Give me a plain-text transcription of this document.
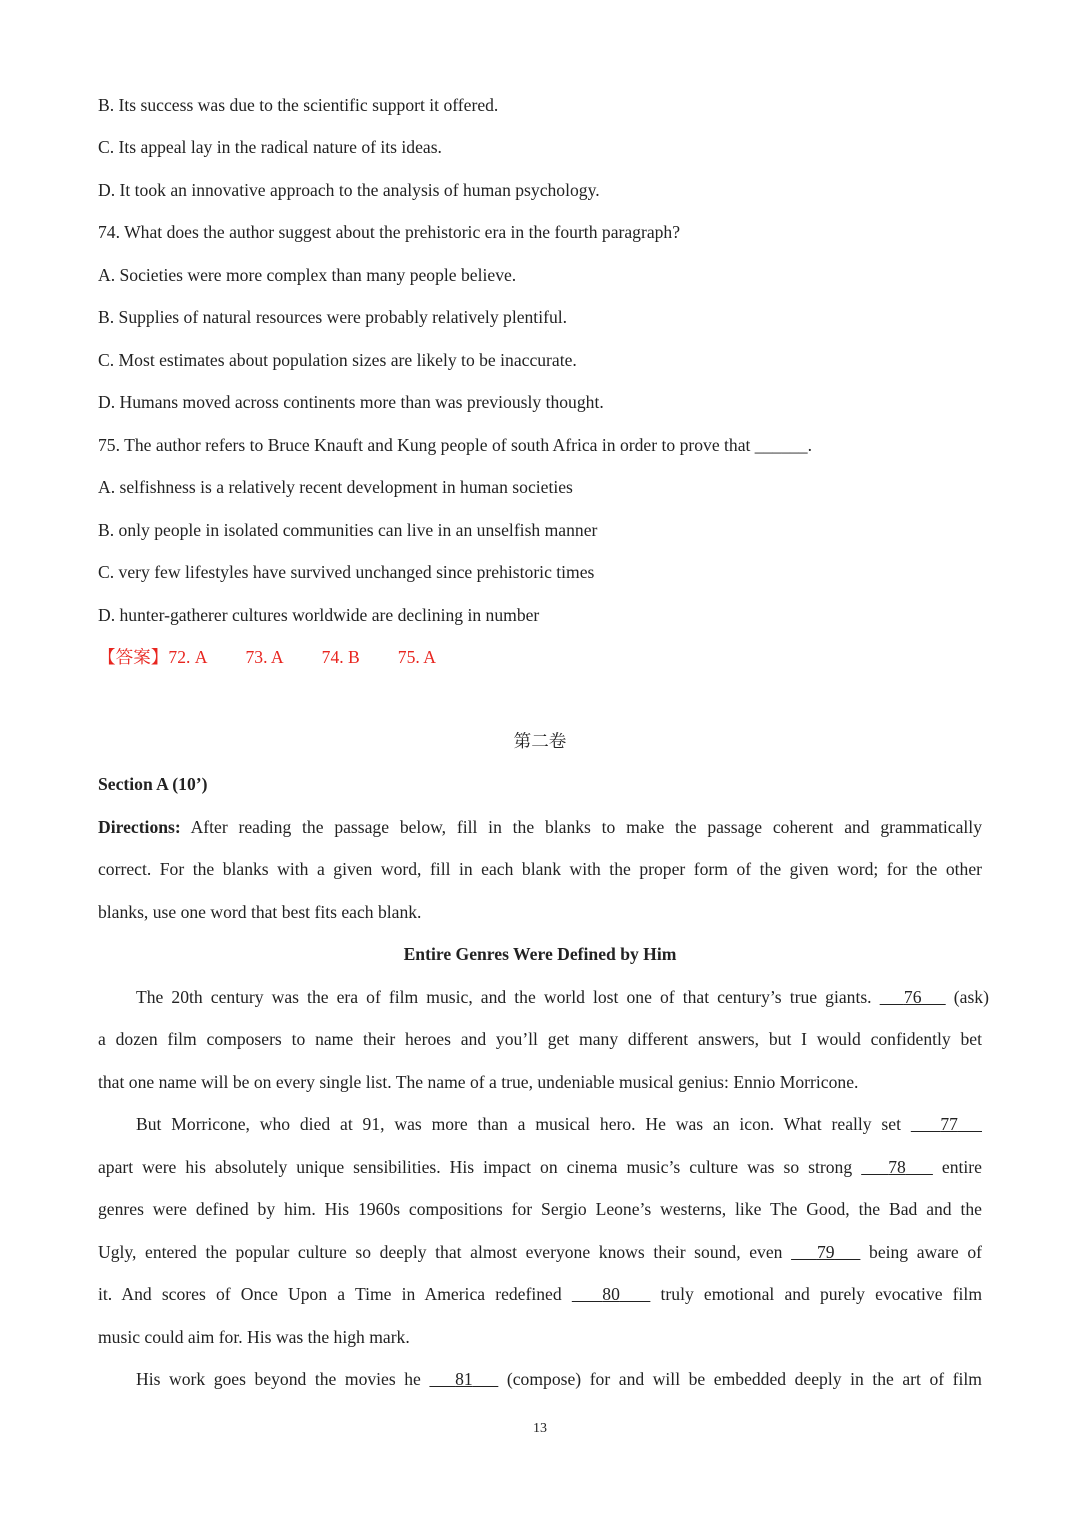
B. Its success was due to the scientific support it offered.
C. Its appeal lay in the radical nature of its ideas.
D. It took an innovative approach to the analysis of human psychology.
74. What does the author suggest about the prehistoric era in the fourth paragraph?
A. Societies were more complex than many people believe.
B. Supplies of natural resources were probably relatively plentiful.
C. Most estimates about population sizes are likely to be inaccurate.
D. Humans moved across continents more than was previously thought.
75. The author refers to Bruce Knauft and Kung people of south Africa in order to prove that ______.
A. selfishness is a relatively recent development in human societies
B. only people in isolated communities can live in an unselfish manner
C. very few lifestyles have survived unchanged since prehistoric times
D. hunter-gatherer cultures worldwide are declining in number
【答案】72. A 73. A 74. B 75. A
第二卷
Section A (10’)
Directions: After reading the passage below, fill in the blanks to make the passage coherent and grammatically
correct. For the blanks with a given word, fill in each blank with the proper form of the given word; for the other
blanks, use one word that best fits each blank.
Entire Genres Were Defined by Him
The 20th century was the era of film music, and the world lost one of that century’s true giants. 76 (ask)
a dozen film composers to name their heroes and you’ll get many different answers, but I would confidently bet
that one name will be on every single list. The name of a true, undeniable musical genius: Ennio Morricone.
But Morricone, who died at 91, was more than a musical hero. He was an icon. What really set 77
apart were his absolutely unique sensibilities. His impact on cinema music’s culture was so strong 78 entire
genres were defined by him. His 1960s compositions for Sergio Leone’s westerns, like The Good, the Bad and the
Ugly, entered the popular culture so deeply that almost everyone knows their sound, even 79 being aware of
it. And scores of Once Upon a Time in America redefined 80 truly emotional and purely evocative film
music could aim for. His was the high mark.
His work goes beyond the movies he 81 (compose) for and will be embedded deeply in the art of film
13
